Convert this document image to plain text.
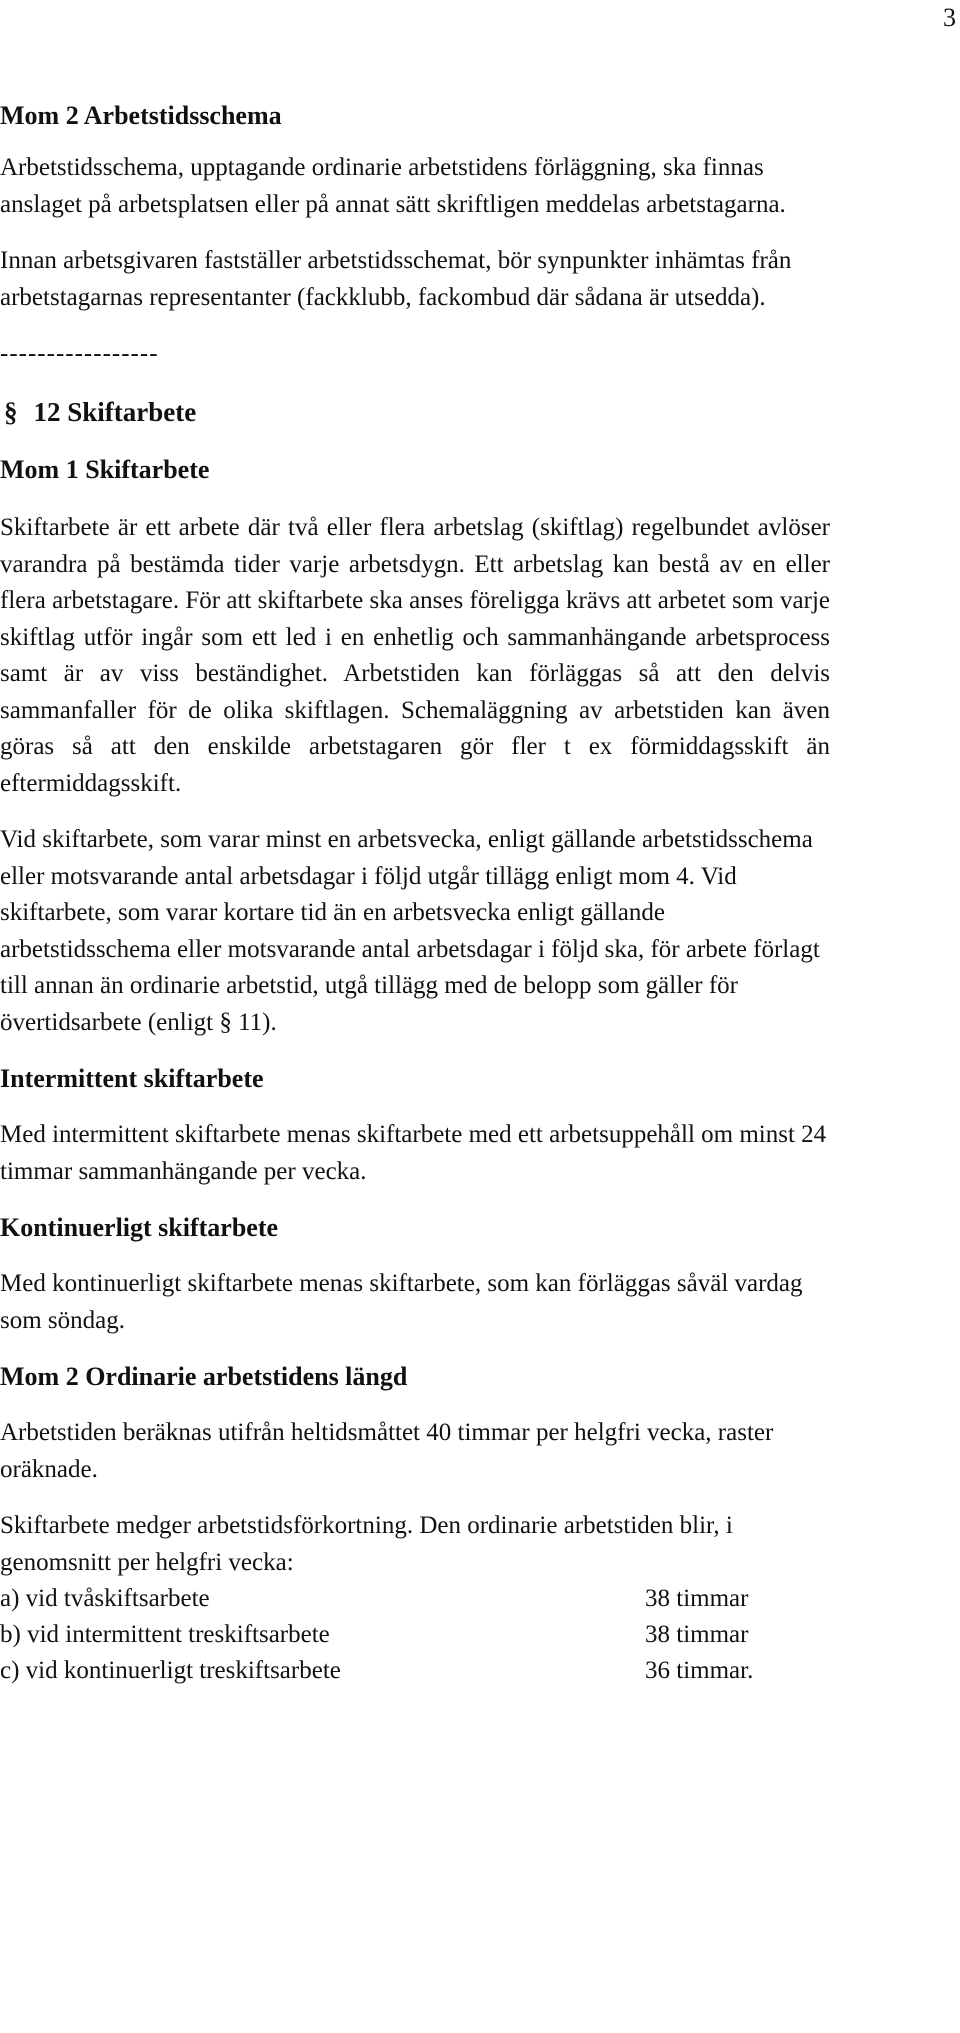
3

Mom 2 Arbetstidsschema

Arbetstidsschema, upptagande ordinarie arbetstidens förläggning, ska finnas anslaget på arbetsplatsen eller på annat sätt skriftligen meddelas arbetstagarna.

Innan arbetsgivaren fastställer arbetstidsschemat, bör synpunkter inhämtas från arbetstagarnas representanter (fackklubb, fackombud där sådana är utsedda).

-----------------

§ 12 Skiftarbete

Mom 1 Skiftarbete

Skiftarbete är ett arbete där två eller flera arbetslag (skiftlag) regelbundet avlöser varandra på bestämda tider varje arbetsdygn. Ett arbetslag kan bestå av en eller flera arbetstagare. För att skiftarbete ska anses föreligga krävs att arbetet som varje skiftlag utför ingår som ett led i en enhetlig och sammanhängande arbetsprocess samt är av viss beständighet. Arbetstiden kan förläggas så att den delvis sammanfaller för de olika skiftlagen. Schemaläggning av arbetstiden kan även göras så att den enskilde arbetstagaren gör fler t ex förmiddagsskift än eftermiddagsskift.

Vid skiftarbete, som varar minst en arbetsvecka, enligt gällande arbetstidsschema eller motsvarande antal arbetsdagar i följd utgår tillägg enligt mom 4. Vid skiftarbete, som varar kortare tid än en arbetsvecka enligt gällande arbetstidsschema eller motsvarande antal arbetsdagar i följd ska, för arbete förlagt till annan än ordinarie arbetstid, utgå tillägg med de belopp som gäller för övertidsarbete (enligt § 11).

Intermittent skiftarbete

Med intermittent skiftarbete menas skiftarbete med ett arbetsuppehåll om minst 24 timmar sammanhängande per vecka.

Kontinuerligt skiftarbete

Med kontinuerligt skiftarbete menas skiftarbete, som kan förläggas såväl vardag som söndag.

Mom 2 Ordinarie arbetstidens längd

Arbetstiden beräknas utifrån heltidsmåttet 40 timmar per helgfri vecka, raster oräknade.

Skiftarbete medger arbetstidsförkortning. Den ordinarie arbetstiden blir, i genomsnitt per helgfri vecka:

a) vid tvåskiftsarbete	38 timmar
b) vid intermittent treskiftsarbete	38 timmar
c) vid kontinuerligt treskiftsarbete	36 timmar.
